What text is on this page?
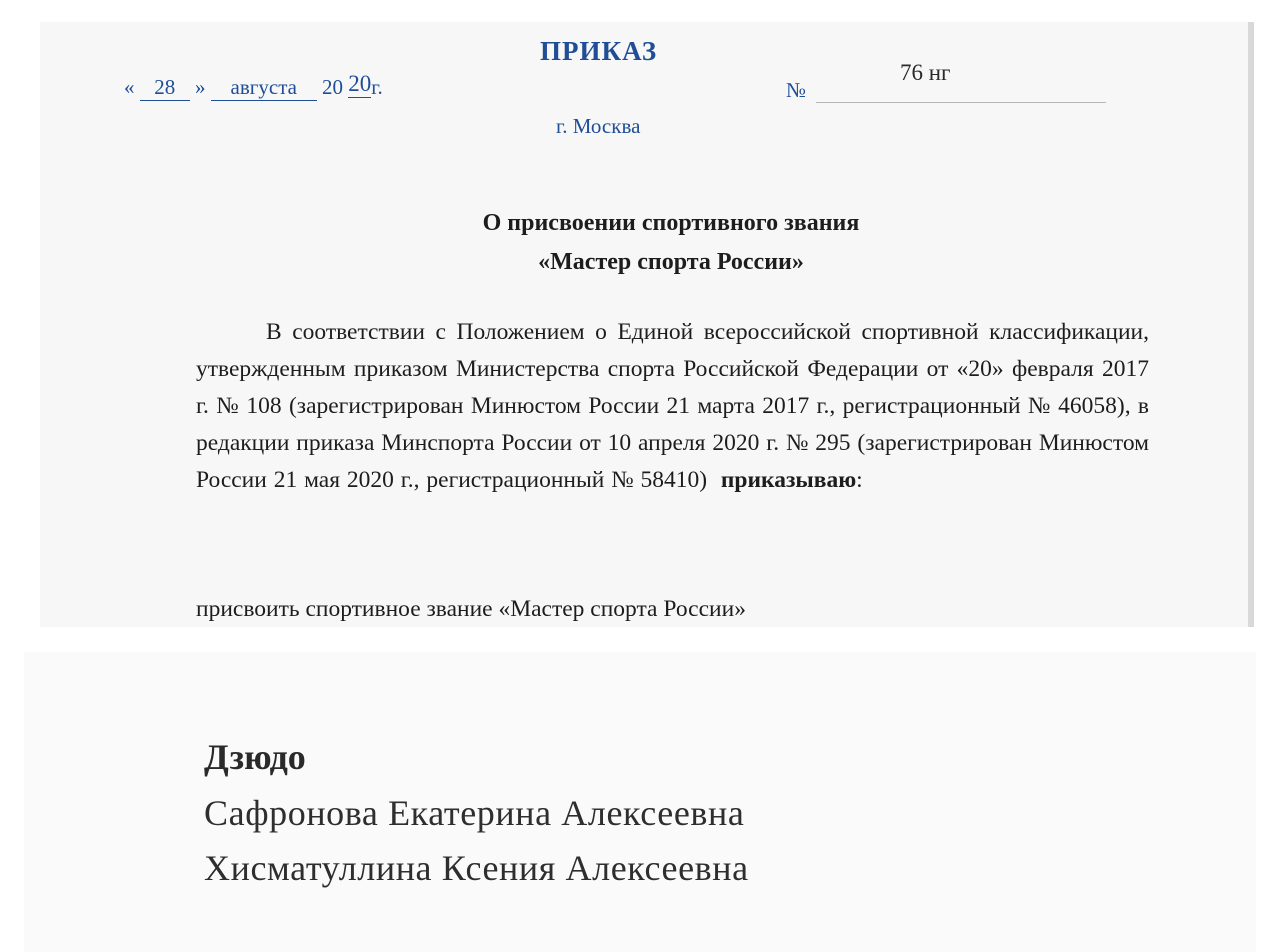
ПРИКАЗ
« 28 » августа 20 20г.	№
76 нг
г. Москва
О присвоении спортивного звания
«Мастер спорта России»
В соответствии с Положением о Единой всероссийской спортивной классификации, утвержденным приказом Министерства спорта Российской Федерации от «20» февраля 2017 г. № 108 (зарегистрирован Минюстом России 21 марта 2017 г., регистрационный № 46058), в редакции приказа Минспорта России от 10 апреля 2020 г. № 295 (зарегистрирован Минюстом России 21 мая 2020 г., регистрационный № 58410) приказываю:
присвоить спортивное звание «Мастер спорта России»
Дзюдо
Сафронова Екатерина Алексеевна
Хисматуллина Ксения Алексеевна
